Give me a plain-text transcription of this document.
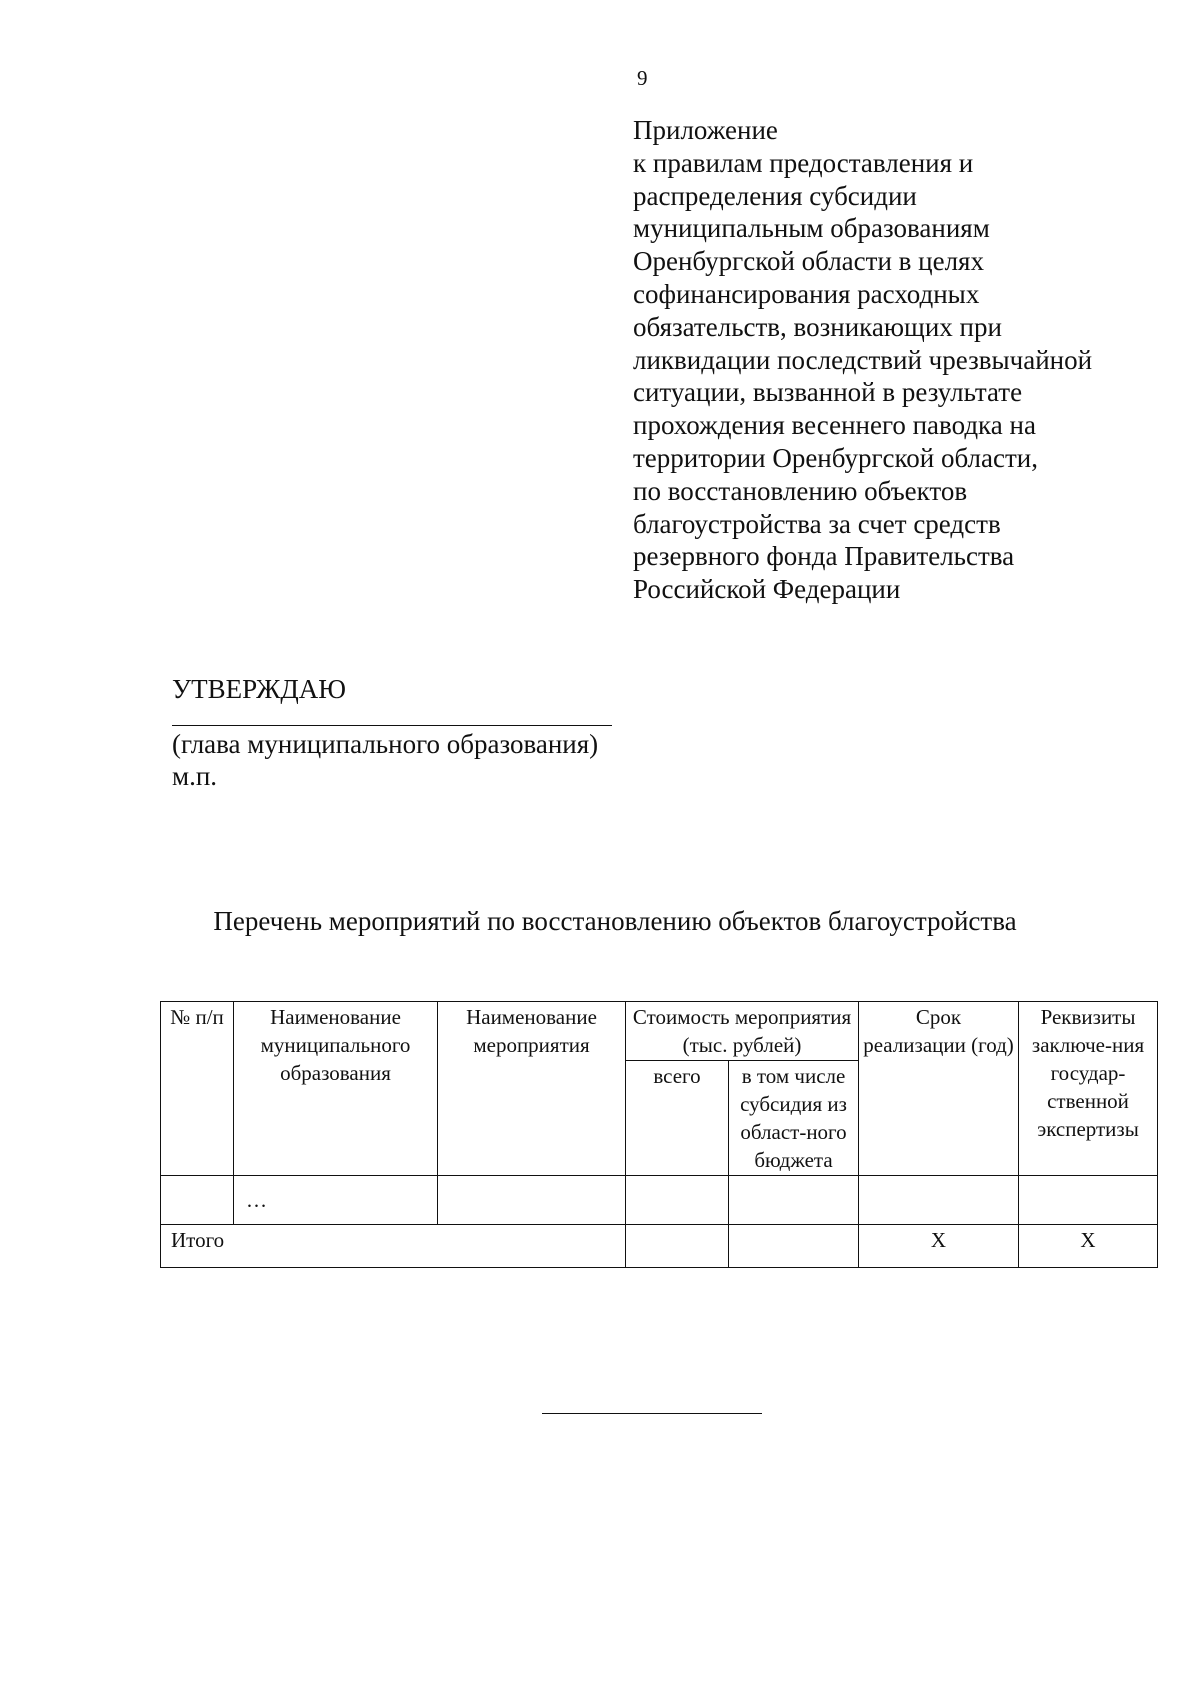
9
Приложение
к правилам предоставления и
распределения субсидии
муниципальным образованиям
Оренбургской области в целях
софинансирования расходных
обязательств, возникающих при
ликвидации последствий чрезвычайной
ситуации, вызванной в результате
прохождения весеннего паводка на
территории Оренбургской области,
по восстановлению объектов
благоустройства за счет средств
резервного фонда Правительства
Российской Федерации
УТВЕРЖДАЮ
(глава муниципального образования)
м.п.
Перечень мероприятий по восстановлению объектов благоустройства
№ п/п	Наименование муниципального образования	Наименование мероприятия	Стоимость мероприятия (тыс. рублей)		Срок реализации (год)	Реквизиты заключе-ния государ-ственной экспертизы
			всего	в том числе субсидия из област-ного бюджета		
	…					
Итого					Х	Х
